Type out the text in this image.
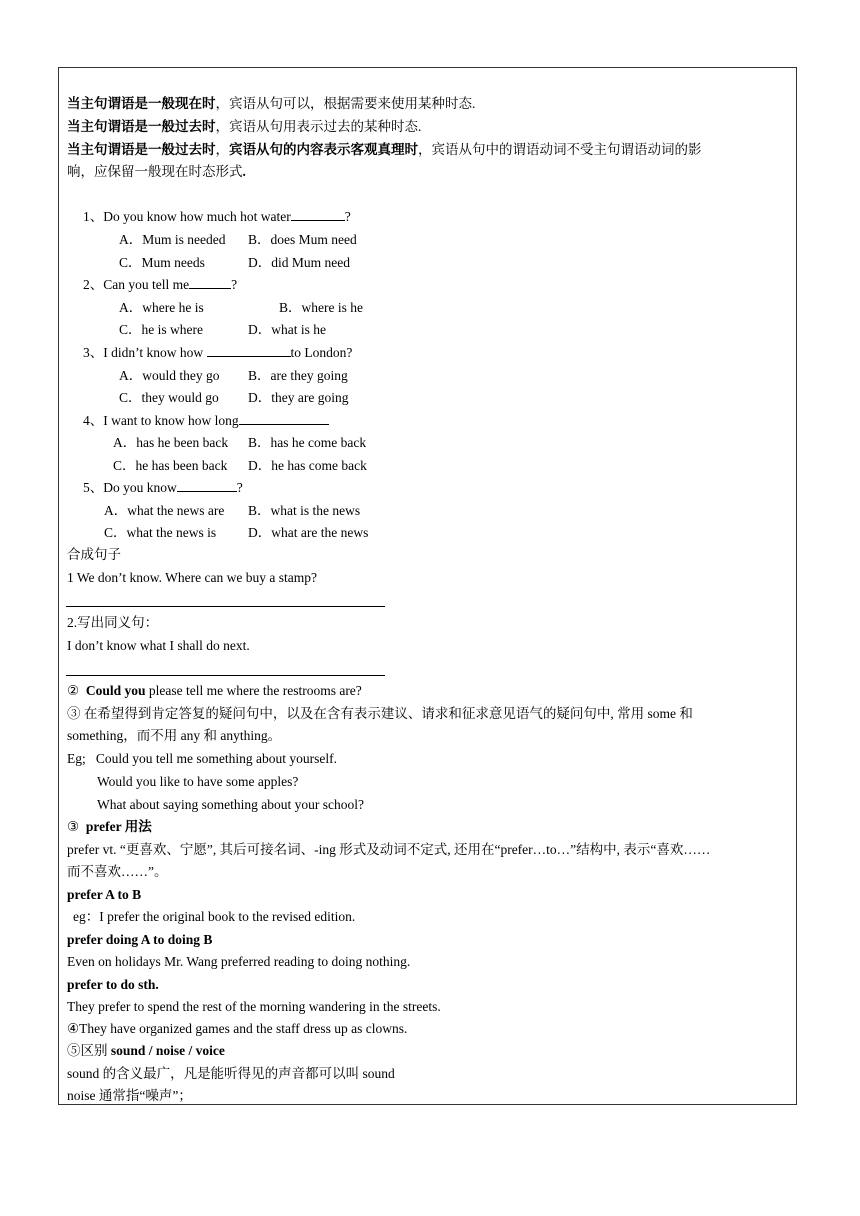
当主句谓语是一般现在时，宾语从句可以，根据需要来使用某种时态.
当主句谓语是一般过去时，宾语从句用表示过去的某种时态.
当主句谓语是一般过去时，宾语从句的内容表示客观真理时，宾语从句中的谓语动词不受主句谓语动词的影
响，应保留一般现在时态形式.
1、Do you know how much hot water	?
A．Mum is needed B．does Mum need
C．Mum needs	D．did Mum need
2、Can you tell me	?
A．where he is	B．where is he
C．he is where	D．what is he
3、I didn’t know how	to London?
A．would they go B．are they going
C．they would go D．they are going
4、I want to know how long
A．has he been back B．has he come back
C．he has been back D．he has come back
5、Do you know	?
A．what the news are B．what is the news
C．what the news is D．what are the news
合成句子
1 We don’t know. Where can we buy a stamp?
2.写出同义句：
I don’t know what I shall do next.
② Could you please tell me where the restrooms are?
③ 在希望得到肯定答复的疑问句中，以及在含有表示建议、请求和征求意见语气的疑问句中, 常用 some 和
something，而不用 any 和 anything。
Eg; Could you tell me something about yourself.
Would you like to have some apples?
What about saying something about your school?
③ prefer 用法
prefer vt. “更喜欢、宁愿”, 其后可接名词、-ing 形式及动词不定式, 还用在“prefer…to…”结构中, 表示“喜欢……
而不喜欢……”。
prefer A to B
eg：I prefer the original book to the revised edition.
prefer doing A to doing B
Even on holidays Mr. Wang preferred reading to doing nothing.
prefer to do sth.
They prefer to spend the rest of the morning wandering in the streets.
④They have organized games and the staff dress up as clowns.
⑤区别 sound / noise / voice
sound 的含义最广，凡是能听得见的声音都可以叫 sound
noise 通常指“噪声”；
